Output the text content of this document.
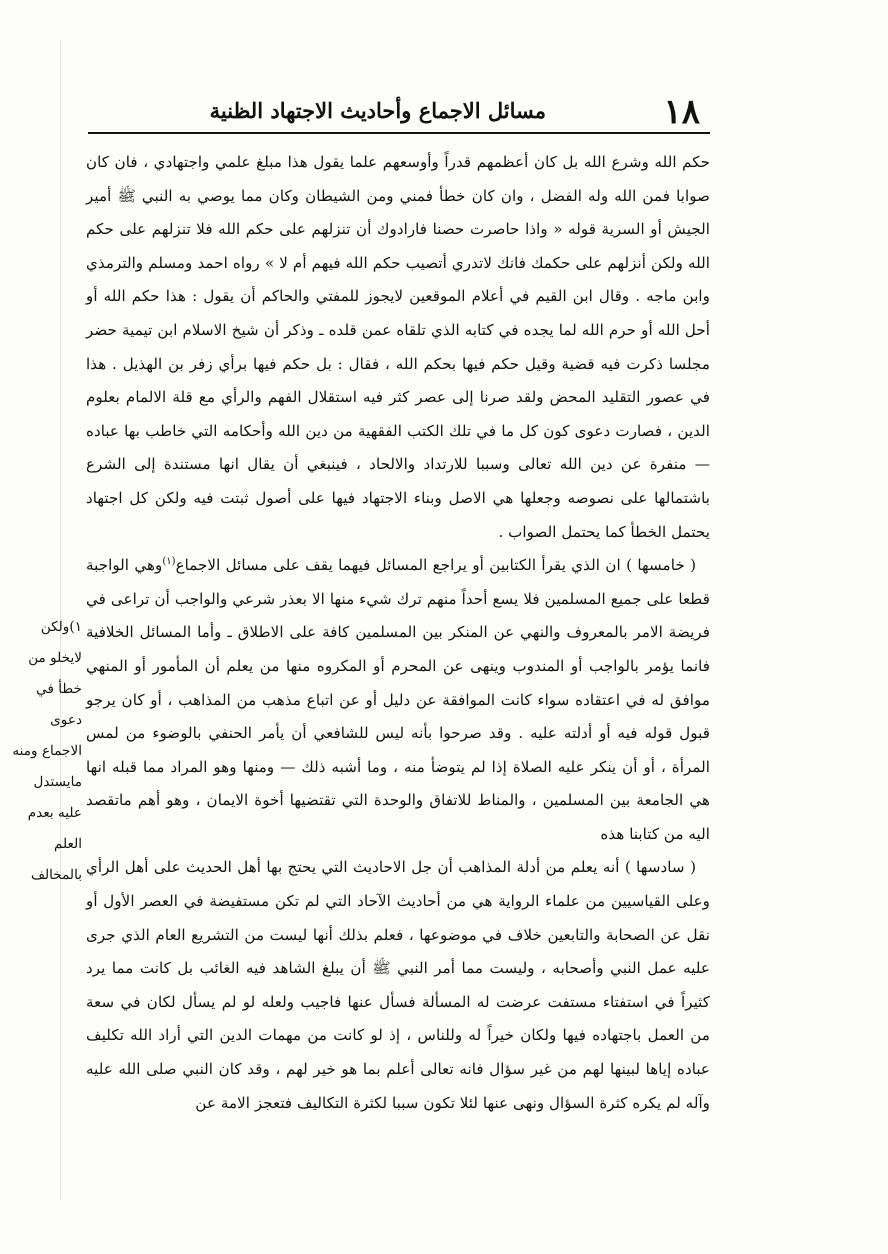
١٨
مسائل الاجماع وأحاديث الاجتهاد الظنية

حكم الله وشرع الله بل كان أعظمهم قدراً وأوسعهم علما يقول هذا مبلغ علمي واجتهادي ، فان كان صوابا فمن الله وله الفضل ، وان كان خطأ فمني ومن الشيطان وكان مما يوصي به النبي ﷺ أمير الجيش أو السرية قوله « واذا حاصرت حصنا فارادوك أن تنزلهم على حكم الله فلا تنزلهم على حكم الله ولكن أنزلهم على حكمك فانك لاتدري أتصيب حكم الله فيهم أم لا » رواه احمد ومسلم والترمذي وابن ماجه . وقال ابن القيم في أعلام الموقعين لايجوز للمفتي والحاكم أن يقول : هذا حكم الله أو أحل الله أو حرم الله لما يجده في كتابه الذي تلقاه عمن قلده ـ وذكر أن شيخ الاسلام ابن تيمية حضر مجلسا ذكرت فيه قضية وقيل حكم فيها بحكم الله ، فقال : بل حكم فيها برأي زفر بن الهذيل . هذا في عصور التقليد المحض ولقد صرنا إلى عصر كثر فيه استقلال الفهم والرأي مع قلة الالمام بعلوم الدين ، فصارت دعوى كون كل ما في تلك الكتب الفقهية من دين الله وأحكامه التي خاطب بها عباده — منفرة عن دين الله تعالى وسببا للارتداد والالحاد ، فينبغي أن يقال انها مستندة إلى الشرع باشتمالها على نصوصه وجعلها هي الاصل وبناء الاجتهاد فيها على أصول ثبتت فيه ولكن كل اجتهاد يحتمل الخطأ كما يحتمل الصواب .

( خامسها ) ان الذي يقرأ الكتابين أو يراجع المسائل فيهما يقف على مسائل الاجماع$^{(١)}$وهي الواجبة قطعا على جميع المسلمين فلا يسع أحداً منهم ترك شيء منها الا بعذر شرعي والواجب أن تراعى في فريضة الامر بالمعروف والنهي عن المنكر بين المسلمين كافة على الاطلاق ـ وأما المسائل الخلافية فانما يؤمر بالواجب أو المندوب وينهى عن المحرم أو المكروه منها من يعلم أن المأمور أو المنهي موافق له في اعتقاده سواء كانت الموافقة عن دليل أو عن اتباع مذهب من المذاهب ، أو كان يرجو قبول قوله فيه أو أدلته عليه . وقد صرحوا بأنه ليس للشافعي أن يأمر الحنفي بالوضوء من لمس المرأة ، أو أن ينكر عليه الصلاة إذا لم يتوضأ منه ، وما أشبه ذلك — ومنها وهو المراد مما قبله انها هي الجامعة بين المسلمين ، والمناط للاتفاق والوحدة التي تقتضيها أخوة الايمان ، وهو أهم ماتقصد اليه من كتابنا هذه

( سادسها ) أنه يعلم من أدلة المذاهب أن جل الاحاديث التي يحتج بها أهل الحديث على أهل الرأي وعلى القياسيين من علماء الرواية هي من أحاديث الآحاد التي لم تكن مستفيضة في العصر الأول أو نقل عن الصحابة والتابعين خلاف في موضوعها ، فعلم بذلك أنها ليست من التشريع العام الذي جرى عليه عمل النبي وأصحابه ، وليست مما أمر النبي ﷺ أن يبلغ الشاهد فيه الغائب بل كانت مما يرد كثيراً في استفتاء مستفت عرضت له المسألة فسأل عنها فاجيب ولعله لو لم يسأل لكان في سعة من العمل باجتهاده فيها ولكان خيراً له وللناس ، إذ لو كانت من مهمات الدين التي أراد الله تكليف عباده إياها لبينها لهم من غير سؤال فانه تعالى أعلم بما هو خير لهم ، وقد كان النبي صلى الله عليه وآله لم يكره كثرة السؤال ونهى عنها لئلا تكون سببا لكثرة التكاليف فتعجز الامة عن

١)ولكن لايخلو من خطأ في دعوى الاجماع ومنه مايستدل عليه بعدم العلم بالمخالف
